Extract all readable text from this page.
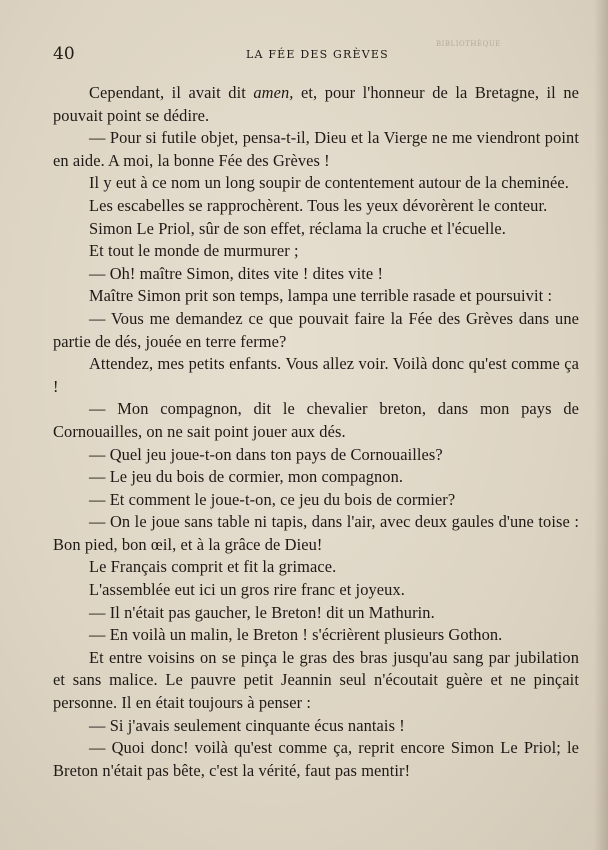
40	LA FÉE DES GRÈVES
BIBLIOTHÈQUE

Cependant, il avait dit amen, et, pour l'honneur de la Bretagne, il ne pouvait point se dédire.

— Pour si futile objet, pensa-t-il, Dieu et la Vierge ne me viendront point en aide. A moi, la bonne Fée des Grèves !

Il y eut à ce nom un long soupir de contentement autour de la cheminée.

Les escabelles se rapprochèrent. Tous les yeux dévorèrent le conteur.

Simon Le Priol, sûr de son effet, réclama la cruche et l'écuelle.

Et tout le monde de murmurer ;

— Oh! maître Simon, dites vite ! dites vite !

Maître Simon prit son temps, lampa une terrible rasade et poursuivit :

— Vous me demandez ce que pouvait faire la Fée des Grèves dans une partie de dés, jouée en terre ferme?

Attendez, mes petits enfants. Vous allez voir. Voilà donc qu'est comme ça !

— Mon compagnon, dit le chevalier breton, dans mon pays de Cornouailles, on ne sait point jouer aux dés.

— Quel jeu joue-t-on dans ton pays de Cornouailles?

— Le jeu du bois de cormier, mon compagnon.

— Et comment le joue-t-on, ce jeu du bois de cormier?

— On le joue sans table ni tapis, dans l'air, avec deux gaules d'une toise : Bon pied, bon œil, et à la grâce de Dieu!

Le Français comprit et fit la grimace.

L'assemblée eut ici un gros rire franc et joyeux.

— Il n'était pas gaucher, le Breton! dit un Mathurin.

— En voilà un malin, le Breton ! s'écrièrent plusieurs Gothon.

Et entre voisins on se pinça le gras des bras jusqu'au sang par jubilation et sans malice. Le pauvre petit Jeannin seul n'écoutait guère et ne pinçait personne. Il en était toujours à penser :

— Si j'avais seulement cinquante écus nantais !

— Quoi donc! voilà qu'est comme ça, reprit encore Simon Le Priol; le Breton n'était pas bête, c'est la vérité, faut pas mentir!
